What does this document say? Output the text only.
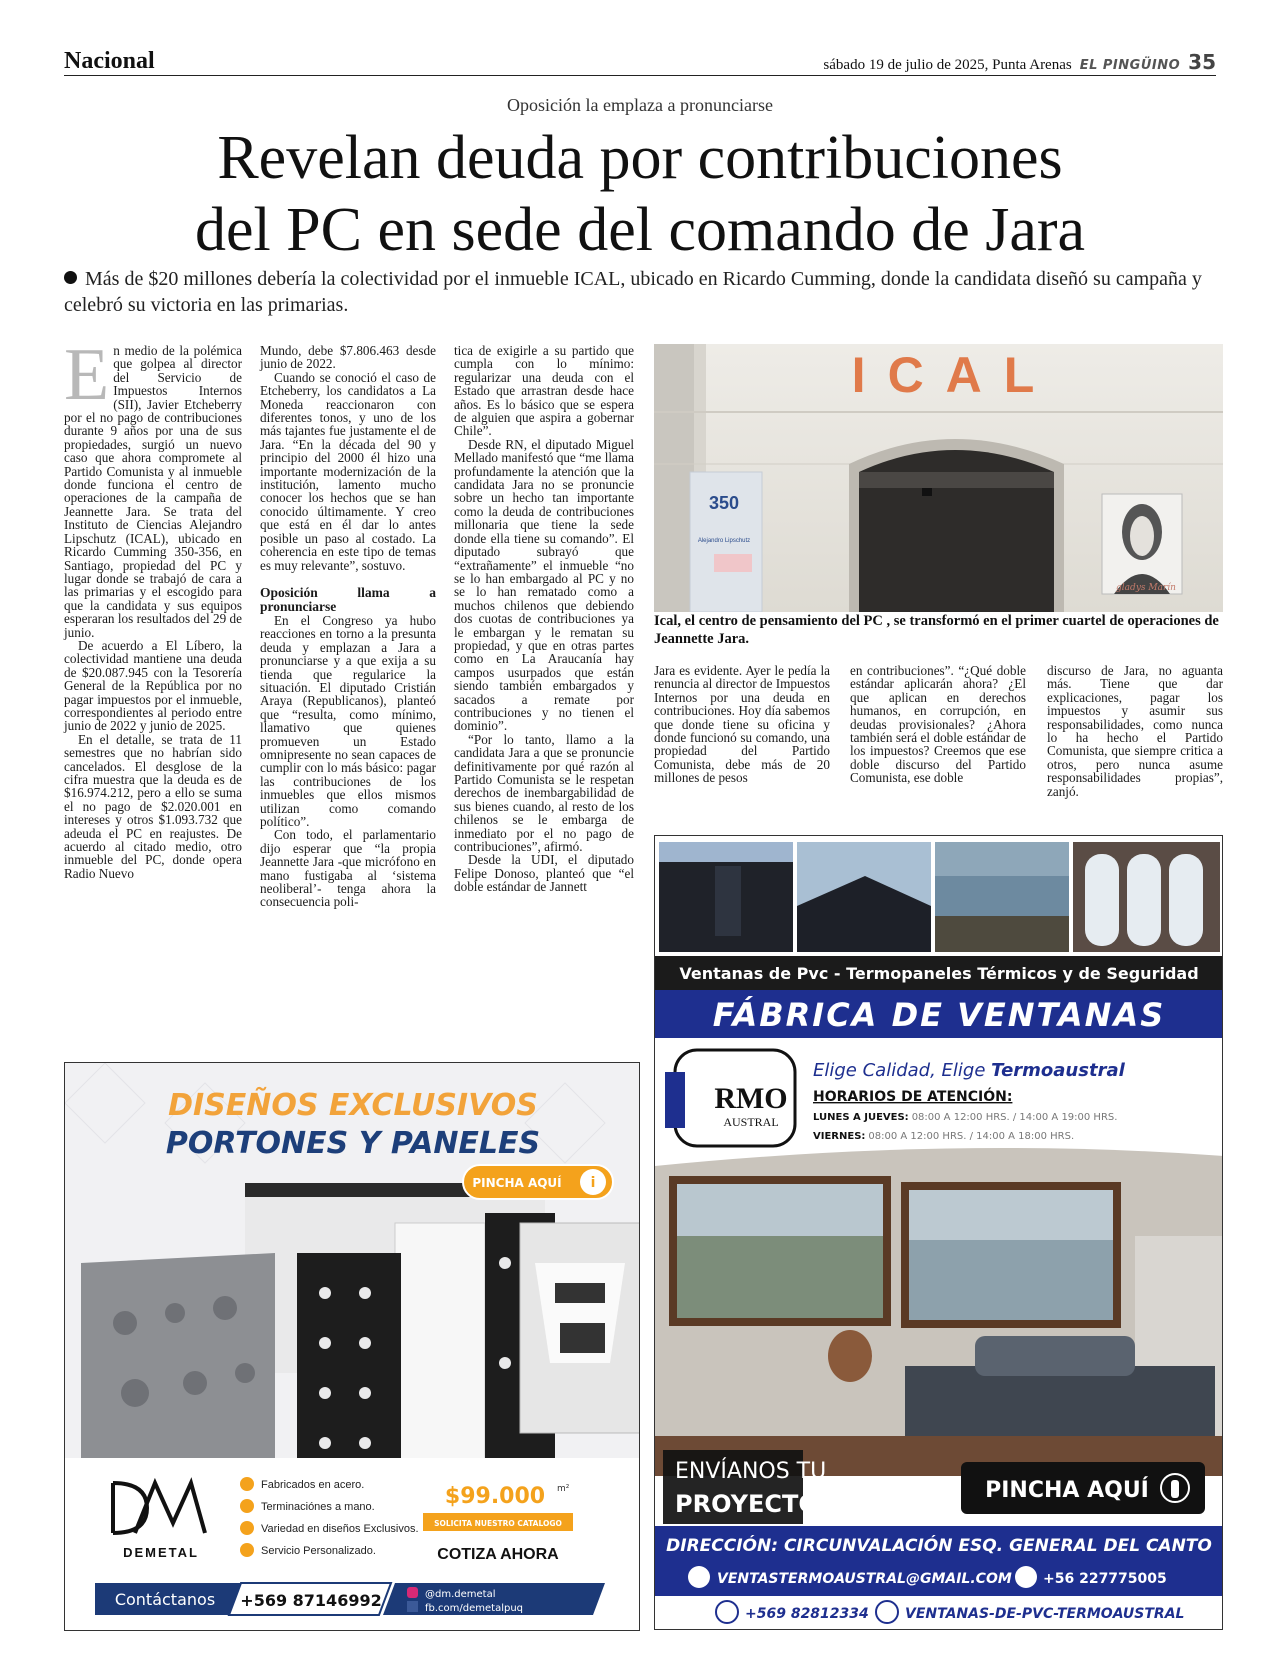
Nacional	sábado 19 de julio de 2025, Punta Arenas EL PINGÜINO 35
Oposición la emplaza a pronunciarse
Revelan deuda por contribuciones
del PC en sede del comando de Jara
Más de $20 millones debería la colectividad por el inmueble ICAL, ubicado en Ricardo Cumming, donde la candidata diseñó su campaña y celebró su victoria en las primarias.
E n medio de la polémica que golpea al director del Servicio de Impuestos Internos (SII), Javier Etcheberry por el no pago de contribuciones durante 9 años por una de sus propiedades, surgió un nuevo caso que ahora compromete al Partido Comunista y al inmueble donde funciona el centro de operaciones de la campaña de Jeannette Jara. Se trata del Instituto de Ciencias Alejandro Lipschutz (ICAL), ubicado en Ricardo Cumming 350-356, en Santiago, propiedad del PC y lugar donde se trabajó de cara a las primarias y el escogido para que la candidata y sus equipos esperaran los resultados del 29 de junio.

De acuerdo a El Líbero, la colectividad mantiene una deuda de $20.087.945 con la Tesorería General de la República por no pagar impuestos por el inmueble, correspondientes al periodo entre junio de 2022 y junio de 2025.

En el detalle, se trata de 11 semestres que no habrían sido cancelados. El desglose de la cifra muestra que la deuda es de $16.974.212, pero a ello se suma el no pago de $2.020.001 en intereses y otros $1.093.732 que adeuda el PC en reajustes. De acuerdo al citado medio, otro inmueble del PC, donde opera Radio Nuevo

Mundo, debe $7.806.463 desde junio de 2022.

Cuando se conoció el caso de Etcheberry, los candidatos a La Moneda reaccionaron con diferentes tonos, y uno de los más tajantes fue justamente el de Jara. “En la década del 90 y principio del 2000 él hizo una importante modernización de la institución, lamento mucho conocer los hechos que se han conocido últimamente. Y creo que está en él dar lo antes posible un paso al costado. La coherencia en este tipo de temas es muy relevante”, sostuvo.

Oposición llama a pronunciarse

En el Congreso ya hubo reacciones en torno a la presunta deuda y emplazan a Jara a pronunciarse y a que exija a su tienda que regularice la situación. El diputado Cristián Araya (Republicanos), planteó que “resulta, como mínimo, llamativo que quienes promueven un Estado omnipresente no sean capaces de cumplir con lo más básico: pagar las contribuciones de los inmuebles que ellos mismos utilizan como comando político”.

Con todo, el parlamentario dijo esperar que “la propia Jeannette Jara -que micrófono en mano fustigaba al ‘sistema neoliberal’- tenga ahora la consecuencia poli-

tica de exigirle a su partido que cumpla con lo mínimo: regularizar una deuda con el Estado que arrastran desde hace años. Es lo básico que se espera de alguien que aspira a gobernar Chile”.

Desde RN, el diputado Miguel Mellado manifestó que “me llama profundamente la atención que la candidata Jara no se pronuncie sobre un hecho tan importante como la deuda de contribuciones millonaria que tiene la sede donde ella tiene su comando”. El diputado subrayó que “extrañamente” el inmueble “no se lo han embargado al PC y no se lo han rematado como a muchos chilenos que debiendo dos cuotas de contribuciones ya le embargan y le rematan su propiedad, y que en otras partes como en La Araucanía hay campos usurpados que están siendo también embargados y sacados a remate por contribuciones y no tienen el dominio”.

“Por lo tanto, llamo a la candidata Jara a que se pronuncie definitivamente por qué razón al Partido Comunista se le respetan derechos de inembargabilidad de sus bienes cuando, al resto de los chilenos se le embarga de inmediato por el no pago de contribuciones”, afirmó.

Desde la UDI, el diputado Felipe Donoso, planteó que “el doble estándar de Jannett

ICAL
350
Alejandro Lipschutz
gladys Marín
Ical, el centro de pensamiento del PC , se transformó en el primer cuartel de operaciones de Jeannette Jara.

Jara es evidente. Ayer le pedía la renuncia al director de Impuestos Internos por una deuda en contribuciones. Hoy día sabemos que donde tiene su oficina y donde funcionó su comando, una propiedad del Partido Comunista, debe más de 20 millones de pesos

en contribuciones”. “¿Qué doble estándar aplicarán ahora? ¿El que aplican en derechos humanos, en corrupción, en deudas provisionales? ¿Ahora también será el doble estándar de los impuestos? Creemos que ese doble discurso del Partido Comunista, ese doble

discurso de Jara, no aguanta más. Tiene que dar explicaciones, pagar los impuestos y asumir sus responsabilidades, como nunca lo ha hecho el Partido Comunista, que siempre critica a otros, pero nunca asume responsabilidades propias”, zanjó.

DISEÑOS EXCLUSIVOS
PORTONES Y PANELES
PINCHA AQUÍ i
DEMETAL
Fabricados en acero.
Terminaciónes a mano.
Variedad en diseños Exclusivos.
Servicio Personalizado.
$99.000 m²
SOLICITA NUESTRO CATALOGO
COTIZA AHORA
Contáctanos +569 87146992	@dm.demetal
fb.com/demetalpuq
Ventanas de Pvc - Termopaneles Térmicos y de Seguridad
FÁBRICA DE VENTANAS
RMO
AUSTRAL
Elige Calidad, Elige Termoaustral
HORARIOS DE ATENCIÓN:
LUNES A JUEVES: 08:00 A 12:00 HRS. / 14:00 A 19:00 HRS.
VIERNES: 08:00 A 12:00 HRS. / 14:00 A 18:00 HRS.
ENVÍANOS TU
PROYECTO	PINCHA AQUÍ
DIRECCIÓN: CIRCUNVALACIÓN ESQ. GENERAL DEL CANTO
VENTASTERMOAUSTRAL@GMAIL.COM +56 227775005
+569 82812334	VENTANAS-DE-PVC-TERMOAUSTRAL
